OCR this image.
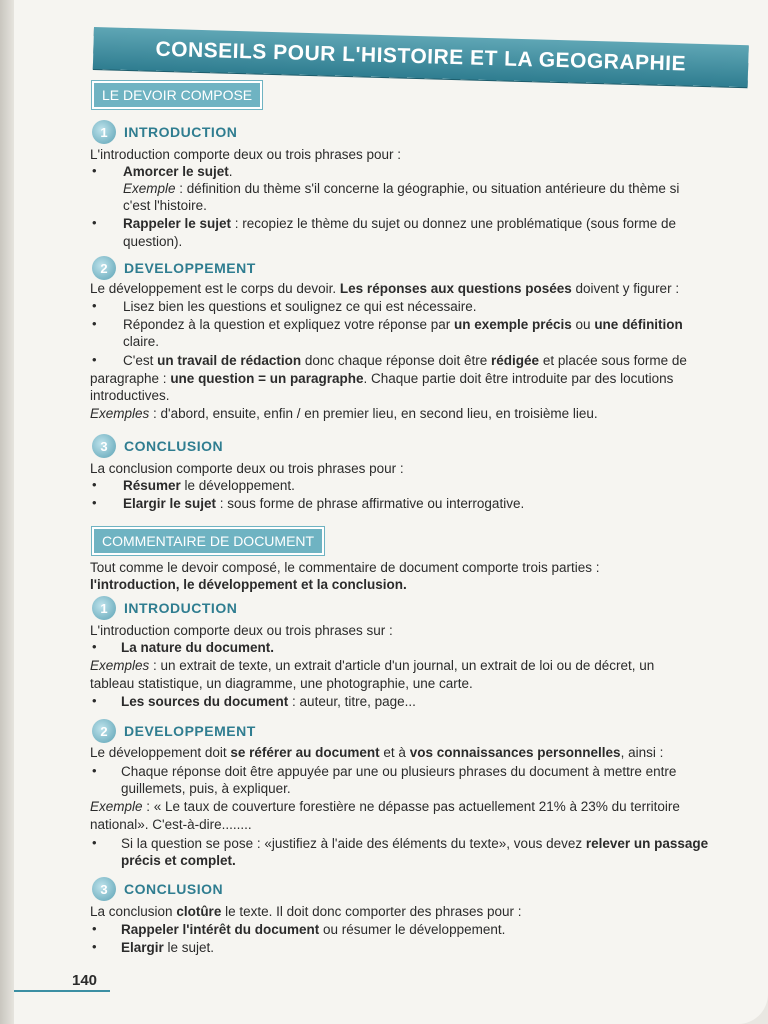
CONSEILS POUR L'HISTOIRE ET LA GEOGRAPHIE
LE DEVOIR COMPOSE
1	INTRODUCTION
L'introduction comporte deux ou trois phrases pour :
• Amorcer le sujet.
Exemple : définition du thème s'il concerne la géographie, ou situation antérieure du thème si
c'est l'histoire.
• Rappeler le sujet : recopiez le thème du sujet ou donnez une problématique (sous forme de
question).
2	DEVELOPPEMENT
Le développement est le corps du devoir. Les réponses aux questions posées doivent y figurer :
• Lisez bien les questions et soulignez ce qui est nécessaire.
• Répondez à la question et expliquez votre réponse par un exemple précis ou une définition
claire.
• C'est un travail de rédaction donc chaque réponse doit être rédigée et placée sous forme de
paragraphe : une question = un paragraphe. Chaque partie doit être introduite par des locutions
introductives.
Exemples : d'abord, ensuite, enfin / en premier lieu, en second lieu, en troisième lieu.
3	CONCLUSION
La conclusion comporte deux ou trois phrases pour :
• Résumer le développement.
• Elargir le sujet : sous forme de phrase affirmative ou interrogative.
COMMENTAIRE DE DOCUMENT
Tout comme le devoir composé, le commentaire de document comporte trois parties :
l'introduction, le développement et la conclusion.
1	INTRODUCTION
L'introduction comporte deux ou trois phrases sur :
• La nature du document.
Exemples : un extrait de texte, un extrait d'article d'un journal, un extrait de loi ou de décret, un
tableau statistique, un diagramme, une photographie, une carte.
• Les sources du document : auteur, titre, page...
2	DEVELOPPEMENT
Le développement doit se référer au document et à vos connaissances personnelles, ainsi :
• Chaque réponse doit être appuyée par une ou plusieurs phrases du document à mettre entre
guillemets, puis, à expliquer.
Exemple : « Le taux de couverture forestière ne dépasse pas actuellement 21% à 23% du territoire
national». C'est-à-dire........
• Si la question se pose : «justifiez à l'aide des éléments du texte», vous devez relever un passage
précis et complet.
3	CONCLUSION
La conclusion clotûre le texte. Il doit donc comporter des phrases pour :
• Rappeler l'intérêt du document ou résumer le développement.
• Elargir le sujet.
140
